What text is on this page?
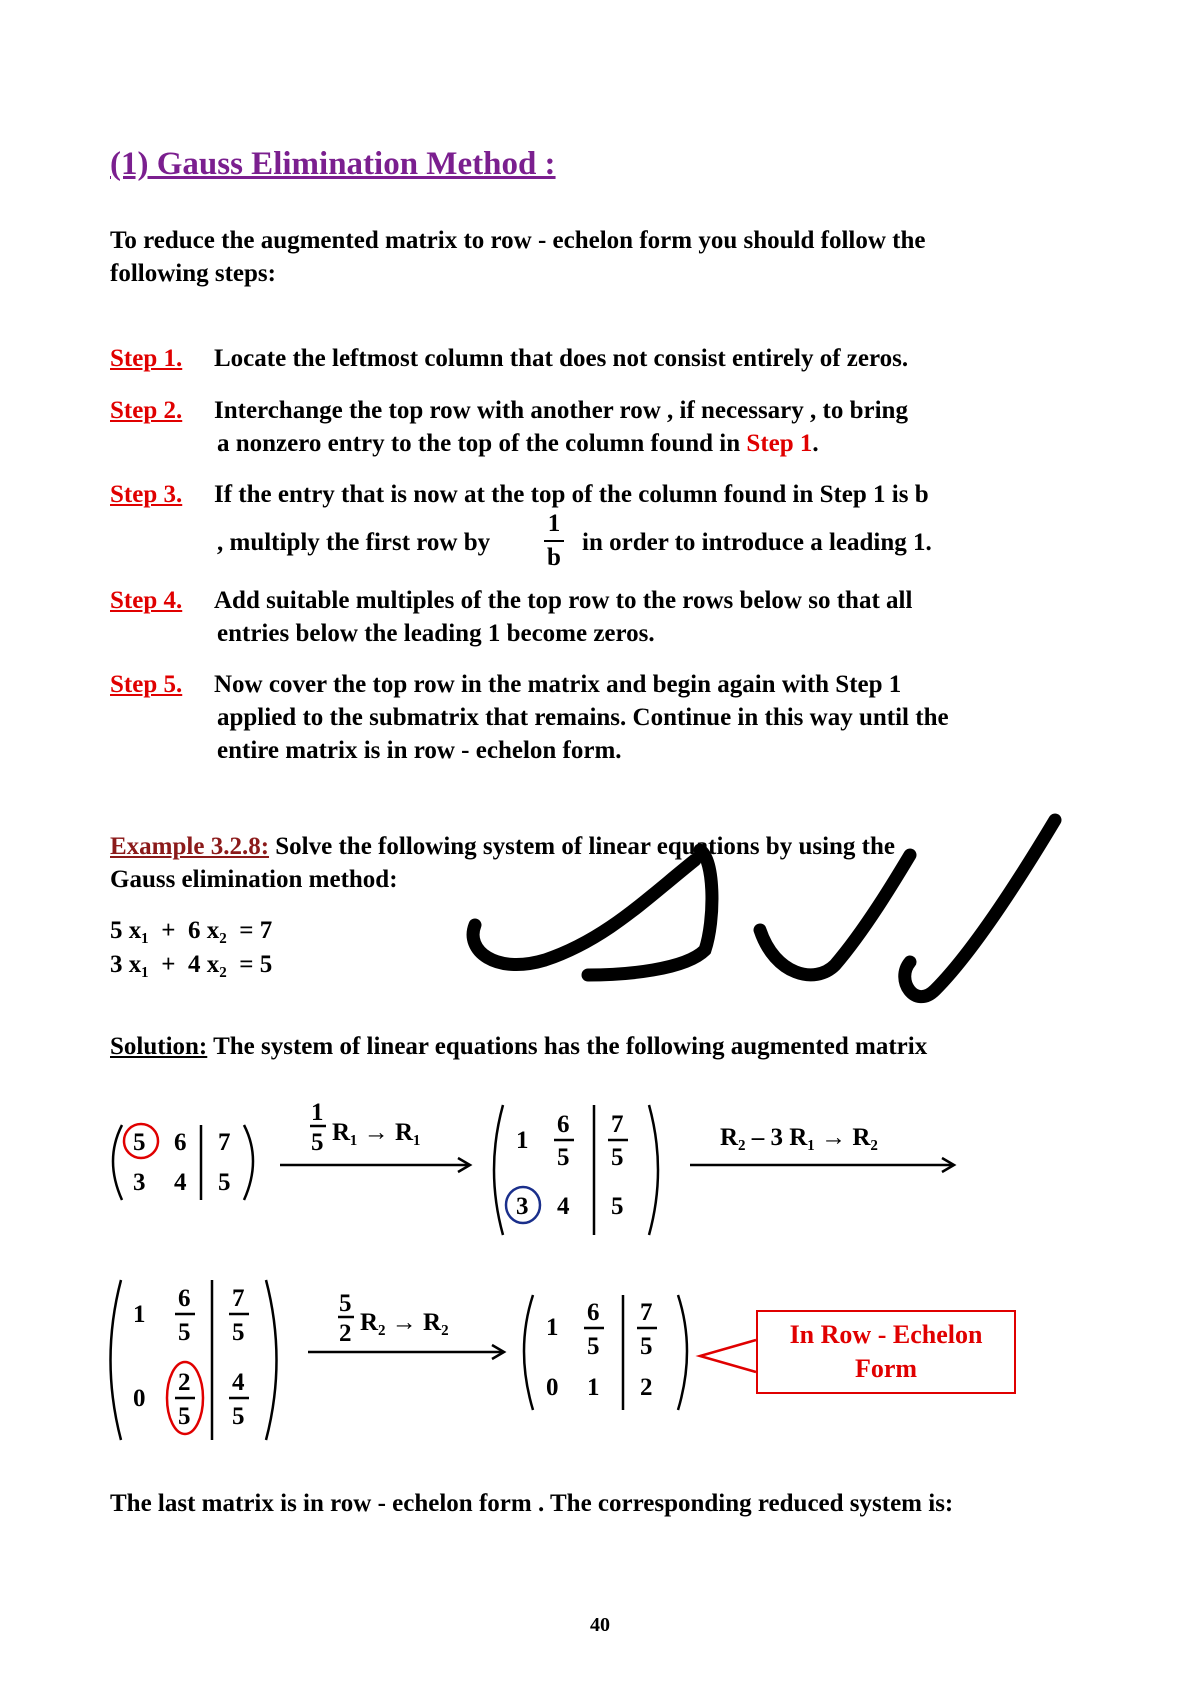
(1) Gauss Elimination Method :
To reduce the augmented matrix to row - echelon form you should follow the
following steps:
Step 1. Locate the leftmost column that does not consist entirely of zeros.
Step 2. Interchange the top row with another row , if necessary , to bring
a nonzero entry to the top of the column found in Step 1.
Step 3. If the entry that is now at the top of the column found in Step 1 is b
, multiply the first row by
1
b
in order to introduce a leading 1.
Step 4. Add suitable multiples of the top row to the rows below so that all
entries below the leading 1 become zeros.
Step 5. Now cover the top row in the matrix and begin again with Step 1
applied to the submatrix that remains. Continue in this way until the
entire matrix is in row - echelon form.
Example 3.2.8: Solve the following system of linear equations by using the
Gauss elimination method:
5 x₁  +  6 x₂  = 7
3 x₁  +  4 x₂  = 5
Solution: The system of linear equations has the following augmented matrix
5 6 7
3 4 5
1
5 R₁ → R₁	1
6
5
7
5
3 4 5
R₂ – 3 R₁ → R₂
1
6
5
7
5
0
2
5
4
5
5
2 R₂ → R₂	1
6
5
7
5
0 1 2
In Row - Echelon
Form
The last matrix is in row - echelon form . The corresponding reduced system is:
40
